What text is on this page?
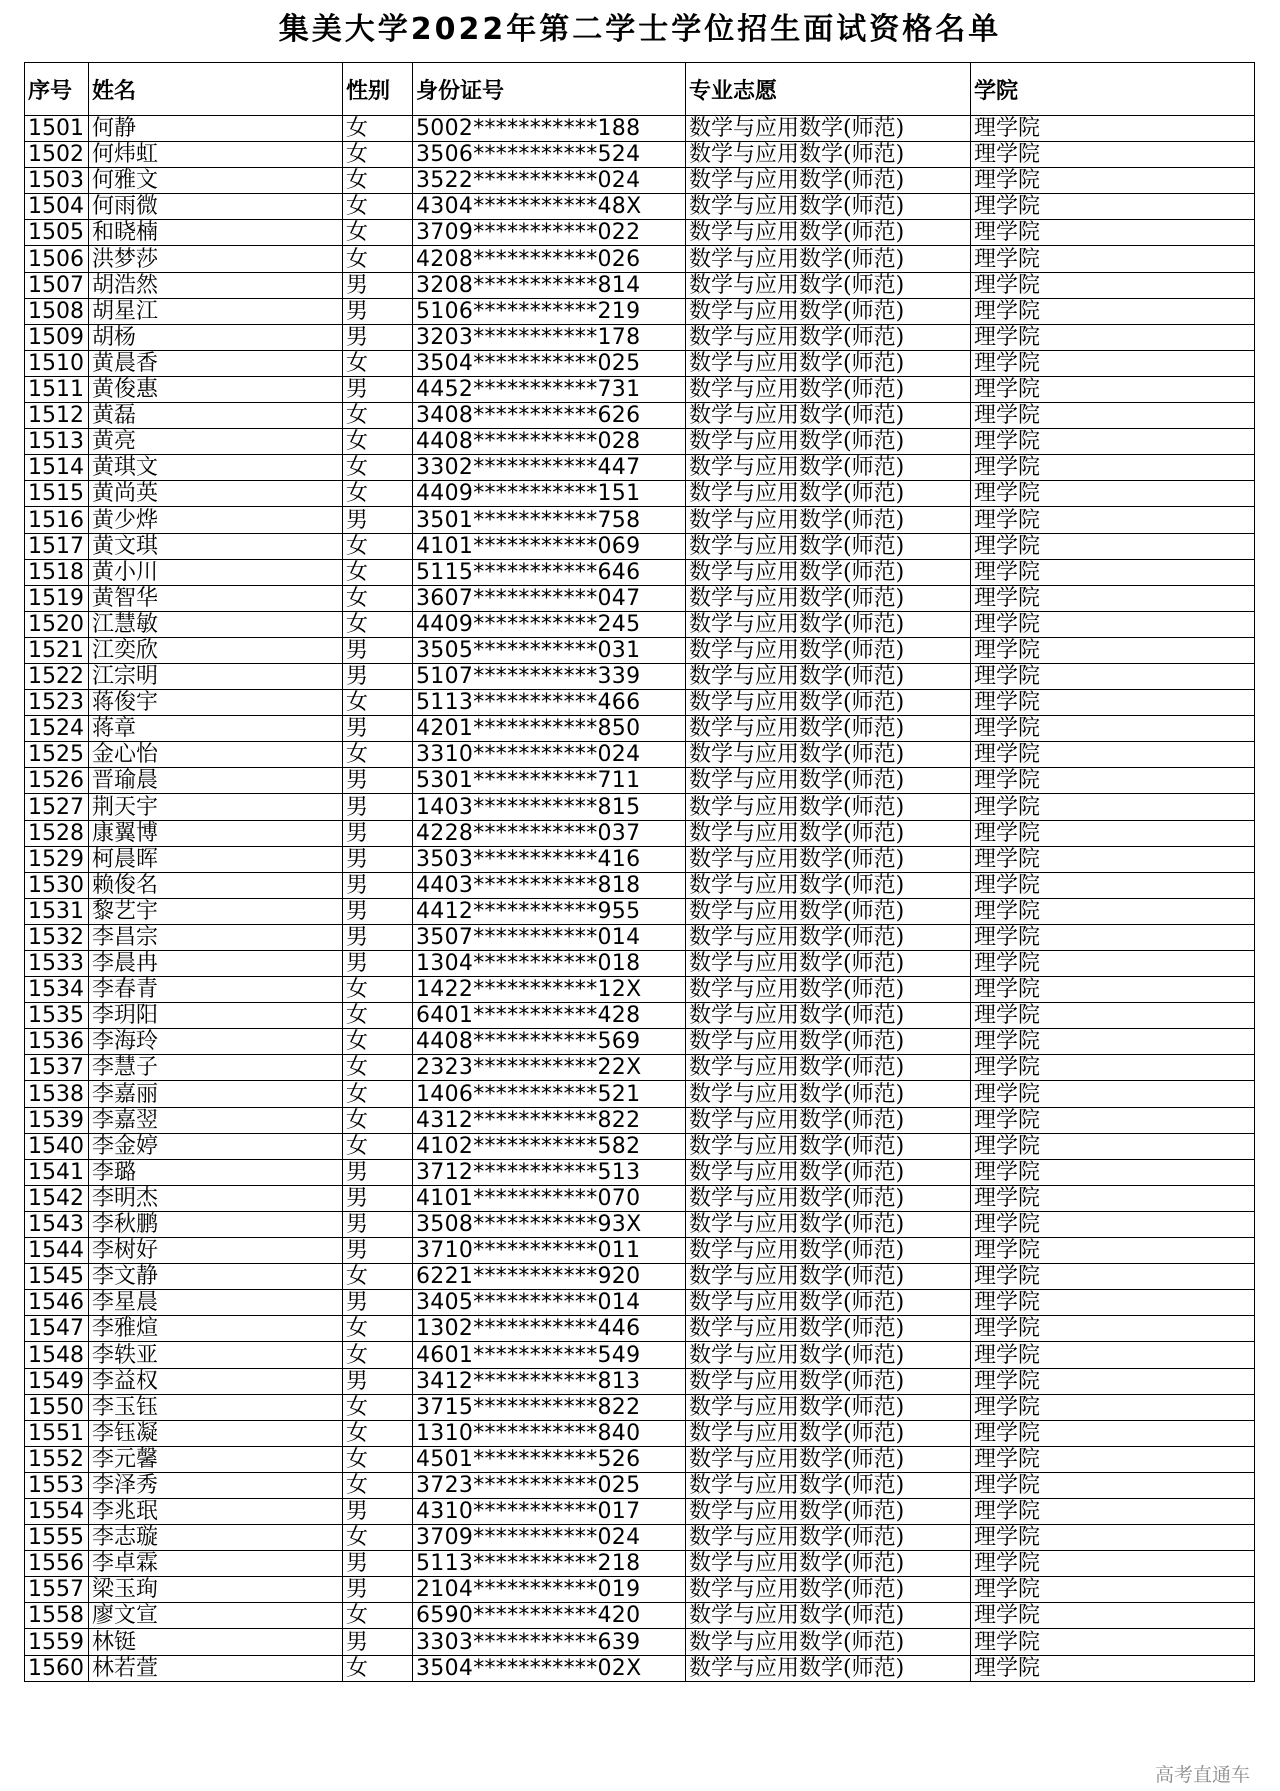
集美大学2022年第二学士学位招生面试资格名单
序号	姓名	性别	身份证号	专业志愿	学院
1501	何静	女	5002***********188	数学与应用数学(师范)	理学院
1502	何炜虹	女	3506***********524	数学与应用数学(师范)	理学院
1503	何雅文	女	3522***********024	数学与应用数学(师范)	理学院
1504	何雨微	女	4304***********48X	数学与应用数学(师范)	理学院
1505	和晓楠	女	3709***********022	数学与应用数学(师范)	理学院
1506	洪梦莎	女	4208***********026	数学与应用数学(师范)	理学院
1507	胡浩然	男	3208***********814	数学与应用数学(师范)	理学院
1508	胡星江	男	5106***********219	数学与应用数学(师范)	理学院
1509	胡杨	男	3203***********178	数学与应用数学(师范)	理学院
1510	黄晨香	女	3504***********025	数学与应用数学(师范)	理学院
1511	黄俊惠	男	4452***********731	数学与应用数学(师范)	理学院
1512	黄磊	女	3408***********626	数学与应用数学(师范)	理学院
1513	黄亮	女	4408***********028	数学与应用数学(师范)	理学院
1514	黄琪文	女	3302***********447	数学与应用数学(师范)	理学院
1515	黄尚英	女	4409***********151	数学与应用数学(师范)	理学院
1516	黄少烨	男	3501***********758	数学与应用数学(师范)	理学院
1517	黄文琪	女	4101***********069	数学与应用数学(师范)	理学院
1518	黄小川	女	5115***********646	数学与应用数学(师范)	理学院
1519	黄智华	女	3607***********047	数学与应用数学(师范)	理学院
1520	江慧敏	女	4409***********245	数学与应用数学(师范)	理学院
1521	江奕欣	男	3505***********031	数学与应用数学(师范)	理学院
1522	江宗明	男	5107***********339	数学与应用数学(师范)	理学院
1523	蒋俊宇	女	5113***********466	数学与应用数学(师范)	理学院
1524	蒋章	男	4201***********850	数学与应用数学(师范)	理学院
1525	金心怡	女	3310***********024	数学与应用数学(师范)	理学院
1526	晋瑜晨	男	5301***********711	数学与应用数学(师范)	理学院
1527	荆天宇	男	1403***********815	数学与应用数学(师范)	理学院
1528	康翼博	男	4228***********037	数学与应用数学(师范)	理学院
1529	柯晨晖	男	3503***********416	数学与应用数学(师范)	理学院
1530	赖俊名	男	4403***********818	数学与应用数学(师范)	理学院
1531	黎艺宇	男	4412***********955	数学与应用数学(师范)	理学院
1532	李昌宗	男	3507***********014	数学与应用数学(师范)	理学院
1533	李晨冉	男	1304***********018	数学与应用数学(师范)	理学院
1534	李春青	女	1422***********12X	数学与应用数学(师范)	理学院
1535	李玥阳	女	6401***********428	数学与应用数学(师范)	理学院
1536	李海玲	女	4408***********569	数学与应用数学(师范)	理学院
1537	李慧子	女	2323***********22X	数学与应用数学(师范)	理学院
1538	李嘉丽	女	1406***********521	数学与应用数学(师范)	理学院
1539	李嘉翌	女	4312***********822	数学与应用数学(师范)	理学院
1540	李金婷	女	4102***********582	数学与应用数学(师范)	理学院
1541	李璐	男	3712***********513	数学与应用数学(师范)	理学院
1542	李明杰	男	4101***********070	数学与应用数学(师范)	理学院
1543	李秋鹏	男	3508***********93X	数学与应用数学(师范)	理学院
1544	李树好	男	3710***********011	数学与应用数学(师范)	理学院
1545	李文静	女	6221***********920	数学与应用数学(师范)	理学院
1546	李星晨	男	3405***********014	数学与应用数学(师范)	理学院
1547	李雅煊	女	1302***********446	数学与应用数学(师范)	理学院
1548	李轶亚	女	4601***********549	数学与应用数学(师范)	理学院
1549	李益权	男	3412***********813	数学与应用数学(师范)	理学院
1550	李玉钰	女	3715***********822	数学与应用数学(师范)	理学院
1551	李钰凝	女	1310***********840	数学与应用数学(师范)	理学院
1552	李元馨	女	4501***********526	数学与应用数学(师范)	理学院
1553	李泽秀	女	3723***********025	数学与应用数学(师范)	理学院
1554	李兆珉	男	4310***********017	数学与应用数学(师范)	理学院
1555	李志璇	女	3709***********024	数学与应用数学(师范)	理学院
1556	李卓霖	男	5113***********218	数学与应用数学(师范)	理学院
1557	梁玉珣	男	2104***********019	数学与应用数学(师范)	理学院
1558	廖文宣	女	6590***********420	数学与应用数学(师范)	理学院
1559	林铤	男	3303***********639	数学与应用数学(师范)	理学院
1560	林若萱	女	3504***********02X	数学与应用数学(师范)	理学院
高考直通车
